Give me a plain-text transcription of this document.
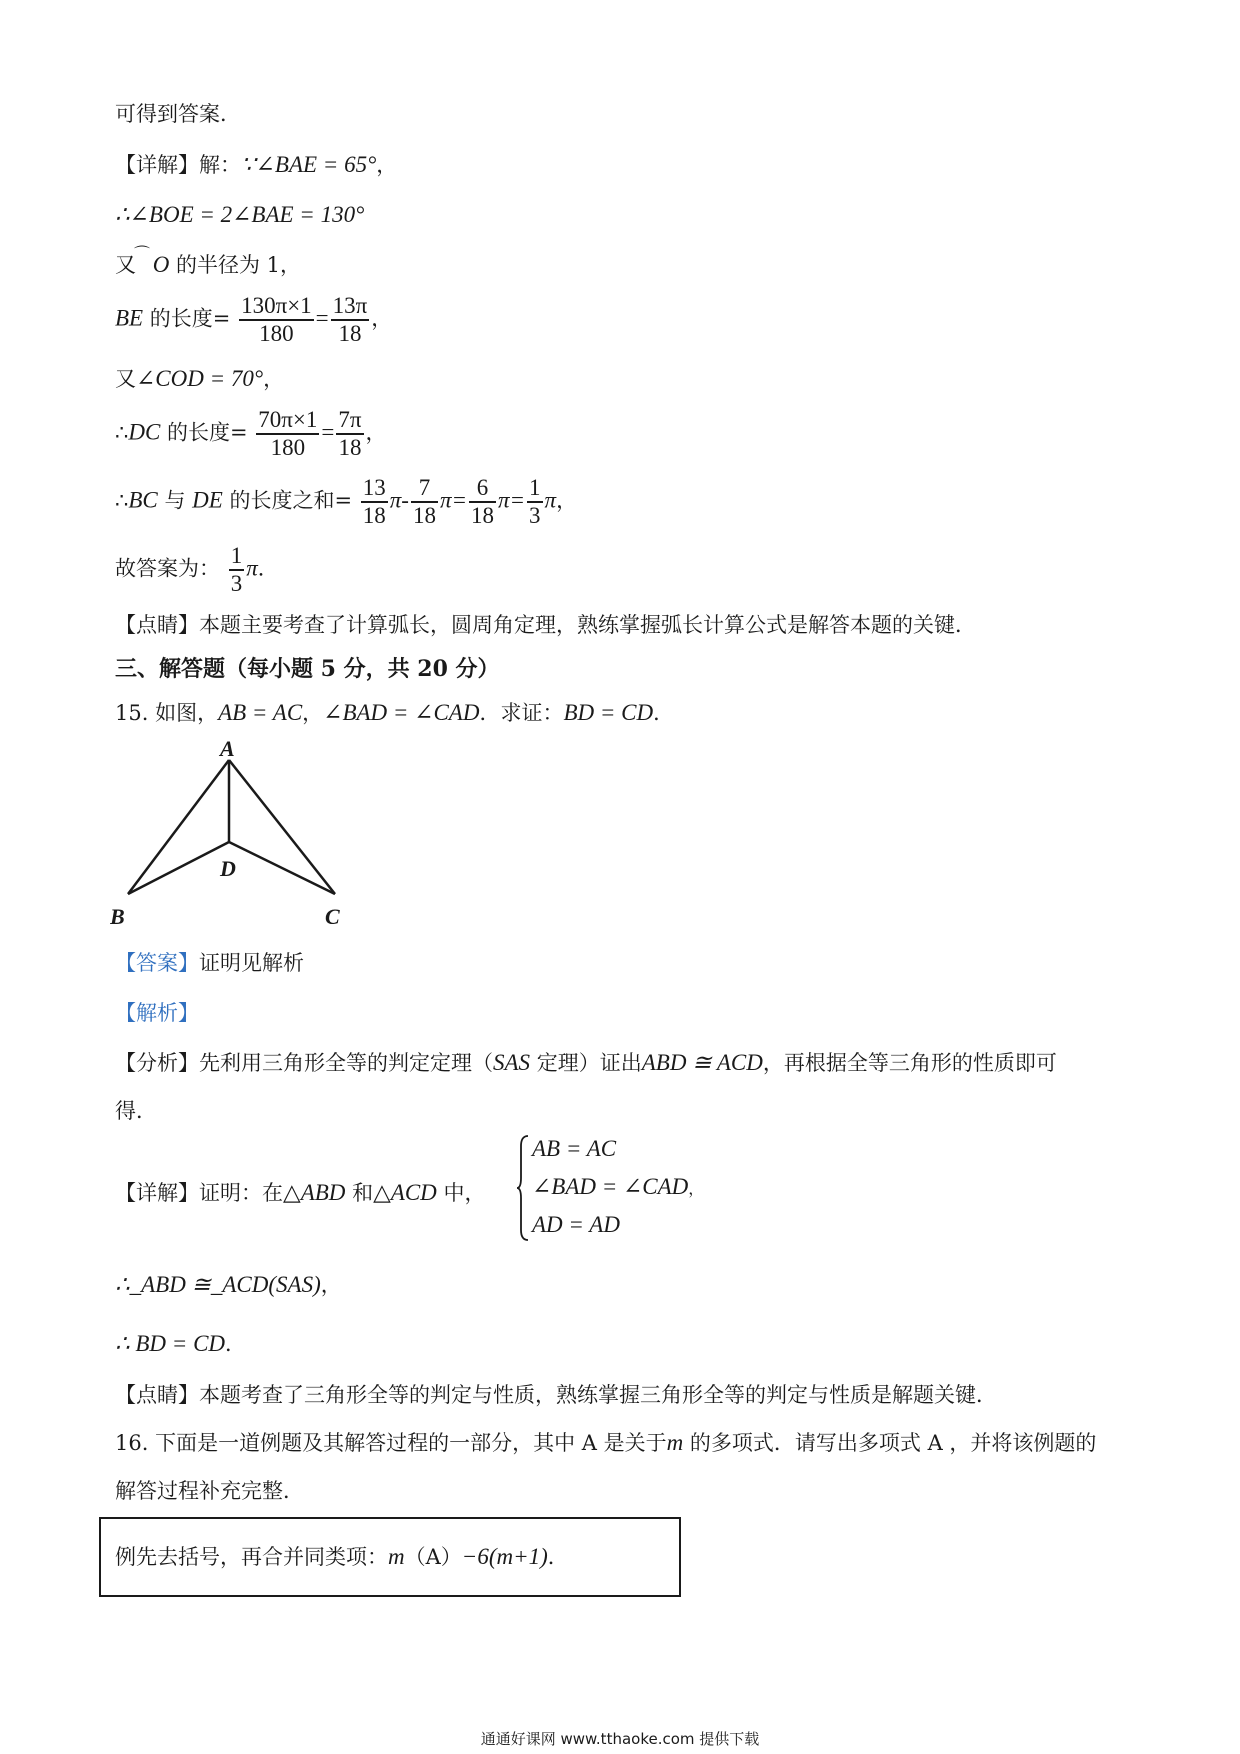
可得到答案．
【详解】解：∵∠BAE = 65°，
∴∠BOE = 2∠BAE = 130°
又
⌒ O 的半径为 1，
BE 的长度= $\frac{130\pi\times 1}{180} = \frac{13\pi}{18}$ ，
又∠COD = 70°，
∴DC 的长度= $\frac{70\pi\times 1}{180} = \frac{7\pi}{18}$ ，
∴BC 与 DE 的长度之和= $\frac{13}{18} \pi- \frac{7}{18} \pi= \frac{6}{18} \pi= \frac{1}{3}$ π，
故答案为： $\frac{1}{3}$ π．
【点睛】本题主要考查了计算弧长，圆周角定理，熟练掌握弧长计算公式是解答本题的关键．
三、解答题（每小题 5 分，共 20 分）
15. 如图，AB = AC，∠BAD = ∠CAD．求证：BD = CD．
A
B	C
D
【答案】证明见解析
【解析】
【分析】先利用三角形全等的判定定理（SAS 定理）证出ABD ≅ ACD，再根据全等三角形的性质即可
得．
【详解】证明：在△ABD 和△ACD 中，
AB = AC
∠BAD = ∠CAD，
AD = AD
∴_ABD ≅_ACD(SAS)，
∴ BD = CD．
【点睛】本题考查了三角形全等的判定与性质，熟练掌握三角形全等的判定与性质是解题关键．
16. 下面是一道例题及其解答过程的一部分，其中 A 是关于m 的多项式．请写出多项式 A ，并将该例题的
解答过程补充完整．
例先去括号，再合并同类项：m（A）−6(m+1)．
通通好课网 www.tthaoke.com 提供下载
